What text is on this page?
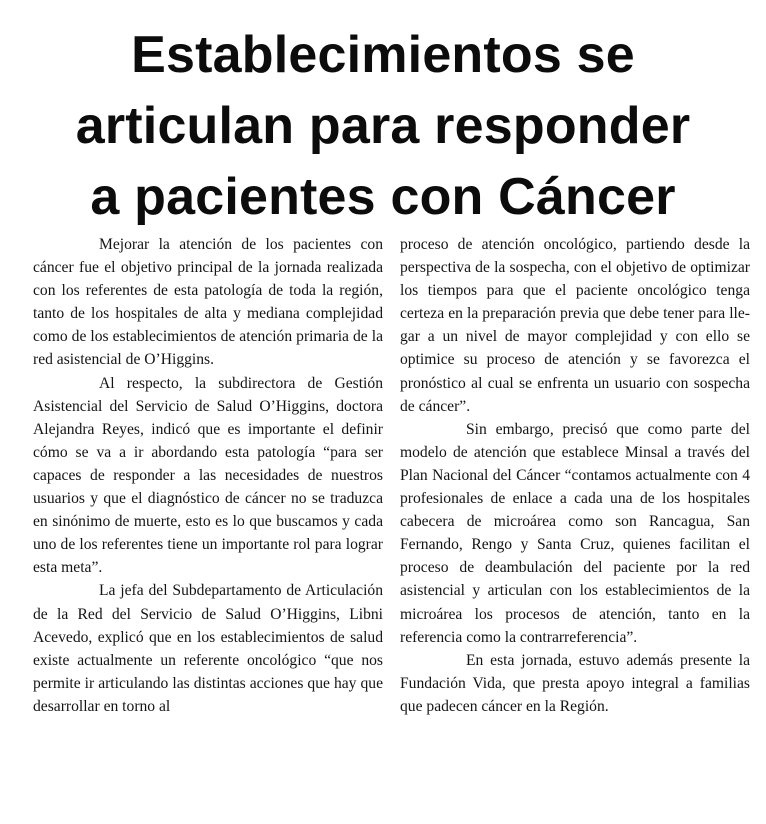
Establecimientos se
articulan para responder
a pacientes con Cáncer

Mejorar la atención de los pacientes con cáncer fue el objetivo principal de la jornada realizada con los referentes de esta patología de toda la región, tanto de los hospitales de alta y mediana complejidad como de los establecimientos de atención primaria de la red asistencial de O’Higgins.

Al respecto, la subdirectora de Gestión Asistencial del Servicio de Salud O’Higgins, doctora Alejandra Reyes, indicó que es importante el definir cómo se va a ir abordando esta patología “para ser capaces de responder a las necesidades de nuestros usuarios y que el diagnóstico de cáncer no se traduzca en sinónimo de muerte, esto es lo que buscamos y cada uno de los referentes tiene un importante rol para lograr esta meta”.

La jefa del Subdepartamento de Articulación de la Red del Servicio de Salud O’Higgins, Libni Acevedo, explicó que en los establecimientos de salud existe actualmente un referente oncológico “que nos permite ir articulando las distintas acciones que hay que desarrollar en torno al

proceso de atención oncológico, partiendo desde la perspectiva de la sospecha, con el objetivo de optimizar los tiempos para que el paciente oncológico tenga certeza en la preparación previa que debe tener para llegar a un nivel de mayor complejidad y con ello se optimice su proceso de atención y se favorezca el pronóstico al cual se enfrenta un usuario con sospecha de cáncer”.

Sin embargo, precisó que como parte del modelo de atención que establece Minsal a través del Plan Nacional del Cáncer “contamos actualmente con 4 profesionales de enlace a cada una de los hospitales cabecera de microárea como son Rancagua, San Fernando, Rengo y Santa Cruz, quienes facilitan el proceso de deambulación del paciente por la red asistencial y articulan con los establecimientos de la microárea los procesos de atención, tanto en la referencia como la contrarreferencia”.

En esta jornada, estuvo además presente la Fundación Vida, que presta apoyo integral a familias que padecen cáncer en la Región.
